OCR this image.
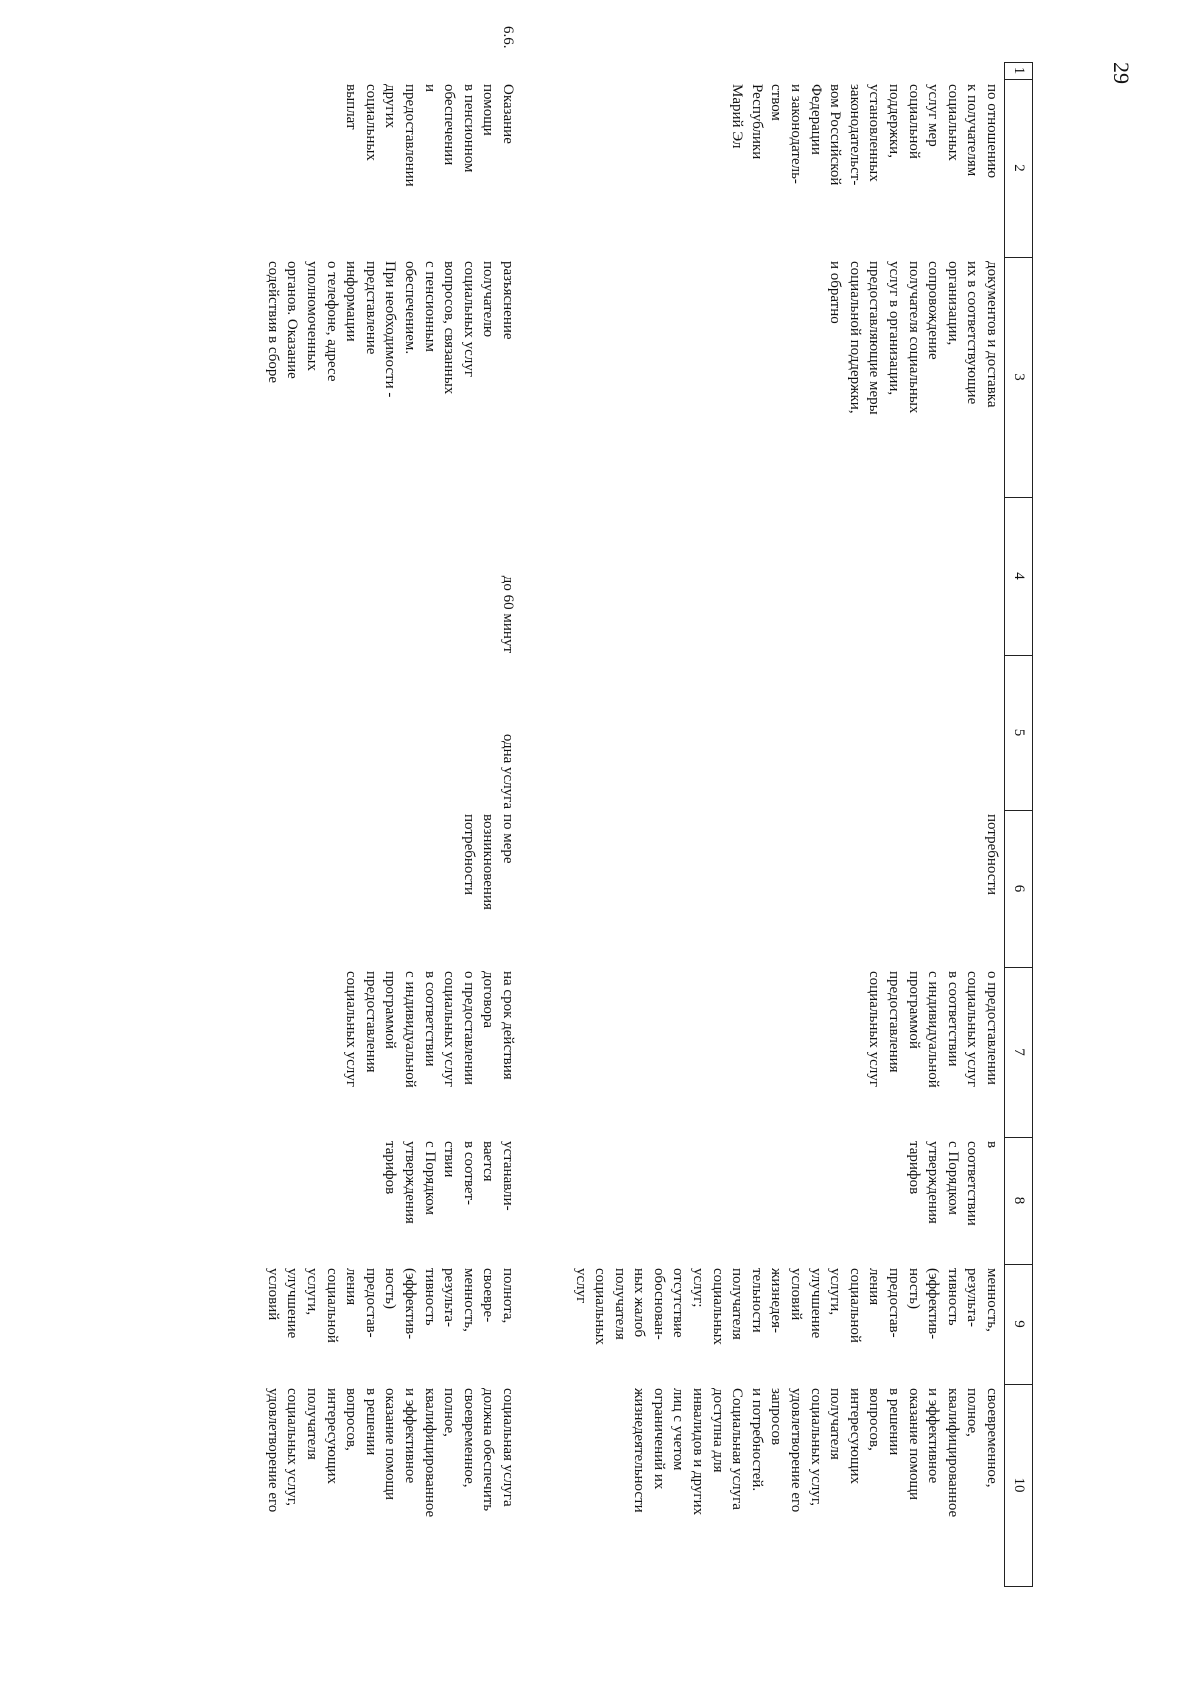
29
1
2
3
4
5
6
7
8
9
10
по отношению
к получателям
социальных
услуг мер
социальной
поддержки,
установленных
законодательст-
вом Российской
Федерации
и законодатель-
ством
Республики
Марий Эл
документов и доставка
их в соответствующие
организации,
сопровождение
получателя социальных
услуг в организации,
предоставляющие меры
социальной поддержки,
и обратно
потребности
о предоставлении
социальных услуг
в соответствии
с индивидуальной
программой
предоставления
социальных услуг
в
соответствии
с Порядком
утверждения
тарифов
менность,
результа-
тивность
(эффектив-
ность)
предостав-
ления
социальной
услуги,
улучшение
условий
жизнедея-
тельности
получателя
социальных
услуг;
отсутствие
обоснован-
ных жалоб
получателя
социальных
услуг
своевременное,
полное,
квалифицированное
и эффективное
оказание помощи
в решении
вопросов,
интересующих
получателя
социальных услуг,
удовлетворение его
запросов
и потребностей.
Социальная услуга
доступна для
инвалидов и других
лиц с учетом
ограничений их
жизнедеятельности
6.6.
Оказание
помощи
в пенсионном
обеспечении
и
предоставлении
других
социальных
выплат
разъяснение
получателю
социальных услуг
вопросов, связанных
с пенсионным
обеспечением.
При необходимости -
представление
информации
о телефоне, адресе
уполномоченных
органов. Оказание
содействия в сборе
до 60 минут
одна услуга
по мере
возникновения
потребности
на срок действия
договора
о предоставлении
социальных услуг
в соответствии
с индивидуальной
программой
предоставления
социальных услуг
устанавли-
вается
в соответ-
ствии
с Порядком
утверждения
тарифов
полнота,
своевре-
менность,
результа-
тивность
(эффектив-
ность)
предостав-
ления
социальной
услуги,
улучшение
условий
социальная услуга
должна обеспечить
своевременное,
полное,
квалифицированное
и эффективное
оказание помощи
в решении
вопросов,
интересующих
получателя
социальных услуг,
удовлетворение его
